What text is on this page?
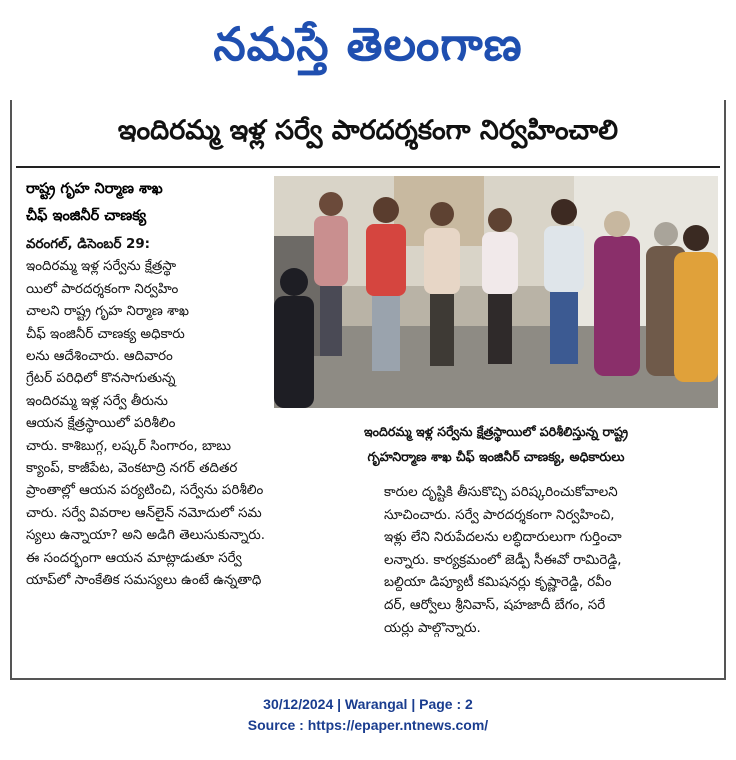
నమస్తే తెలంగాణ
ఇందిరమ్మ ఇళ్ల సర్వే పారదర్శకంగా నిర్వహించాలి
రాష్ట్ర గృహ నిర్మాణ శాఖ
చీఫ్ ఇంజినీర్ చాణక్య
వరంగల్, డిసెంబర్ 29:
ఇందిరమ్మ ఇళ్ల సర్వేను క్షేత్రస్థా
యిలో పారదర్శకంగా నిర్వహిం
చాలని రాష్ట్ర గృహ నిర్మాణ శాఖ
చీఫ్ ఇంజినీర్ చాణక్య అధికారు
లను ఆదేశించారు. ఆదివారం
గ్రేటర్ పరిధిలో కొనసాగుతున్న
ఇందిరమ్మ ఇళ్ల సర్వే తీరును
ఆయన క్షేత్రస్థాయిలో పరిశీలిం
చారు. కాశిబుగ్గ, లష్కర్ సింగారం, బాబు
క్యాంప్, కాజీపేట, వెంకటాద్రి నగర్ తదితర
ప్రాంతాల్లో ఆయన పర్యటించి, సర్వేను పరిశీలిం
చారు. సర్వే వివరాల ఆన్‌లైన్ నమోదులో సమ
స్యలు ఉన్నాయా? అని అడిగి తెలుసుకున్నారు.
ఈ సందర్భంగా ఆయన మాట్లాడుతూ సర్వే
యాప్‌లో సాంకేతిక సమస్యలు ఉంటే ఉన్నతాధి
ఇందిరమ్మ ఇళ్ల సర్వేను క్షేత్రస్థాయిలో పరిశీలిస్తున్న రాష్ట్ర
గృహనిర్మాణ శాఖ చీఫ్ ఇంజినీర్ చాణక్య, అధికారులు
కారుల దృష్టికి తీసుకొచ్చి పరిష్కరించుకోవాలని
సూచించారు. సర్వే పారదర్శకంగా నిర్వహించి,
ఇళ్లు లేని నిరుపేదలను లబ్ధిదారులుగా గుర్తించా
లన్నారు. కార్యక్రమంలో జెడ్పీ సీఈవో రామిరెడ్డి,
బల్దియా డిప్యూటీ కమిషనర్లు కృష్ణారెడ్డి, రవీం
దర్, ఆర్వోలు శ్రీనివాస్, షహజాదీ బేగం, సరే
యర్లు పాల్గొన్నారు.
30/12/2024 | Warangal | Page : 2
Source : https://epaper.ntnews.com/
